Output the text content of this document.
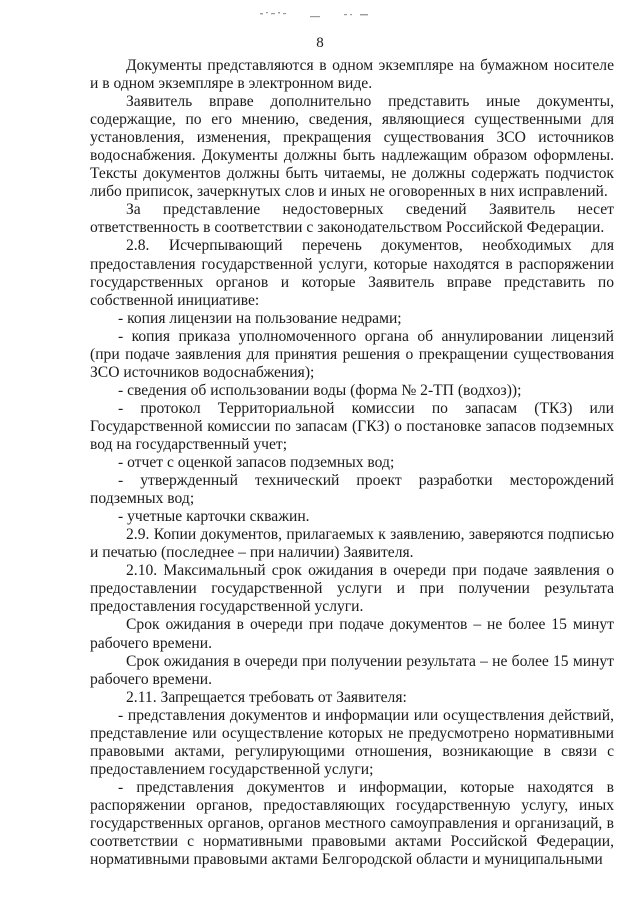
8

Документы представляются в одном экземпляре на бумажном носителе и в одном экземпляре в электронном виде.

Заявитель вправе дополнительно представить иные документы, содержащие, по его мнению, сведения, являющиеся существенными для установления, изменения, прекращения существования ЗСО источников водоснабжения. Документы должны быть надлежащим образом оформлены. Тексты документов должны быть читаемы, не должны содержать подчисток либо приписок, зачеркнутых слов и иных не оговоренных в них исправлений.

За представление недостоверных сведений Заявитель несет ответственность в соответствии с законодательством Российской Федерации.

2.8. Исчерпывающий перечень документов, необходимых для предоставления государственной услуги, которые находятся в распоряжении государственных органов и которые Заявитель вправе представить по собственной инициативе:

- копия лицензии на пользование недрами;

- копия приказа уполномоченного органа об аннулировании лицензий (при подаче заявления для принятия решения о прекращении существования ЗСО источников водоснабжения);

- сведения об использовании воды (форма № 2-ТП (водхоз));

- протокол Территориальной комиссии по запасам (ТКЗ) или Государственной комиссии по запасам (ГКЗ) о постановке запасов подземных вод на государственный учет;

- отчет с оценкой запасов подземных вод;

- утвержденный технический проект разработки месторождений подземных вод;

- учетные карточки скважин.

2.9. Копии документов, прилагаемых к заявлению, заверяются подписью и печатью (последнее – при наличии) Заявителя.

2.10. Максимальный срок ожидания в очереди при подаче заявления о предоставлении государственной услуги и при получении результата предоставления государственной услуги.

Срок ожидания в очереди при подаче документов – не более 15 минут рабочего времени.

Срок ожидания в очереди при получении результата – не более 15 минут рабочего времени.

2.11. Запрещается требовать от Заявителя:

- представления документов и информации или осуществления действий, представление или осуществление которых не предусмотрено нормативными правовыми актами, регулирующими отношения, возникающие в связи с предоставлением государственной услуги;

- представления документов и информации, которые находятся в распоряжении органов, предоставляющих государственную услугу, иных государственных органов, органов местного самоуправления и организаций, в соответствии с нормативными правовыми актами Российской Федерации, нормативными правовыми актами Белгородской области и муниципальными
